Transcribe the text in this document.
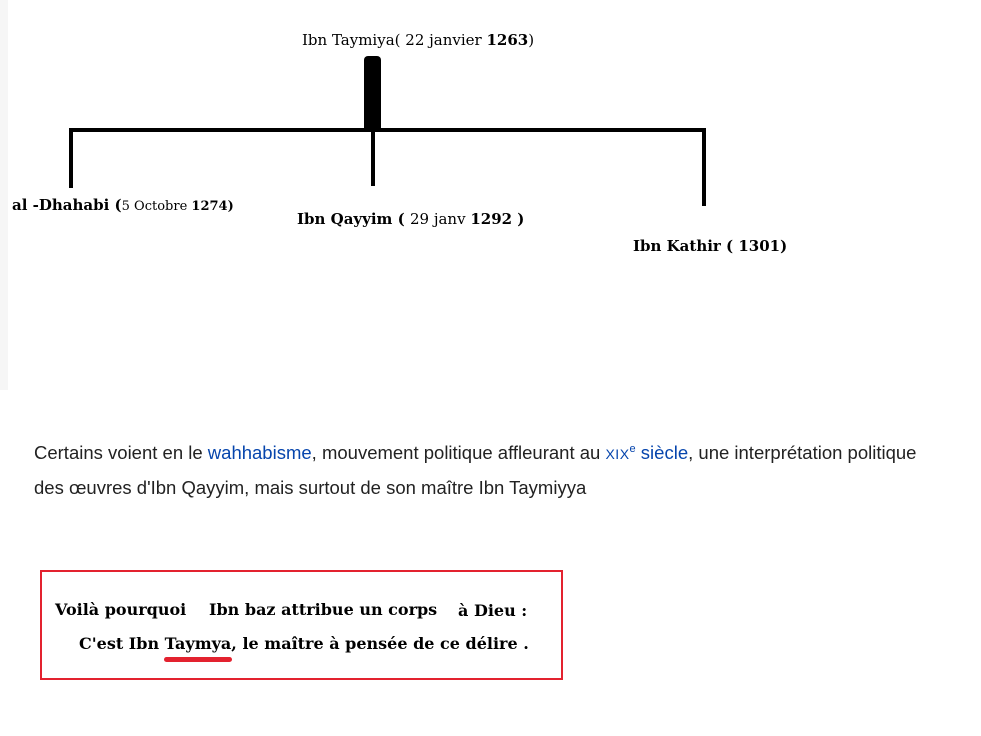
Ibn Taymiya( 22 janvier 1263)
al -Dhahabi (5 Octobre 1274)
Ibn Qayyim ( 29 janv 1292 )
Ibn Kathir ( 1301)
Certains voient en le wahhabisme, mouvement politique affleurant au XIXe siècle, une interprétation politique des œuvres d'Ibn Qayyim, mais surtout de son maître Ibn Taymiyya
Voilà pourquoi Ibn baz attribue un corps à Dieu :
C'est Ibn Taymya, le maître à pensée de ce délire .
